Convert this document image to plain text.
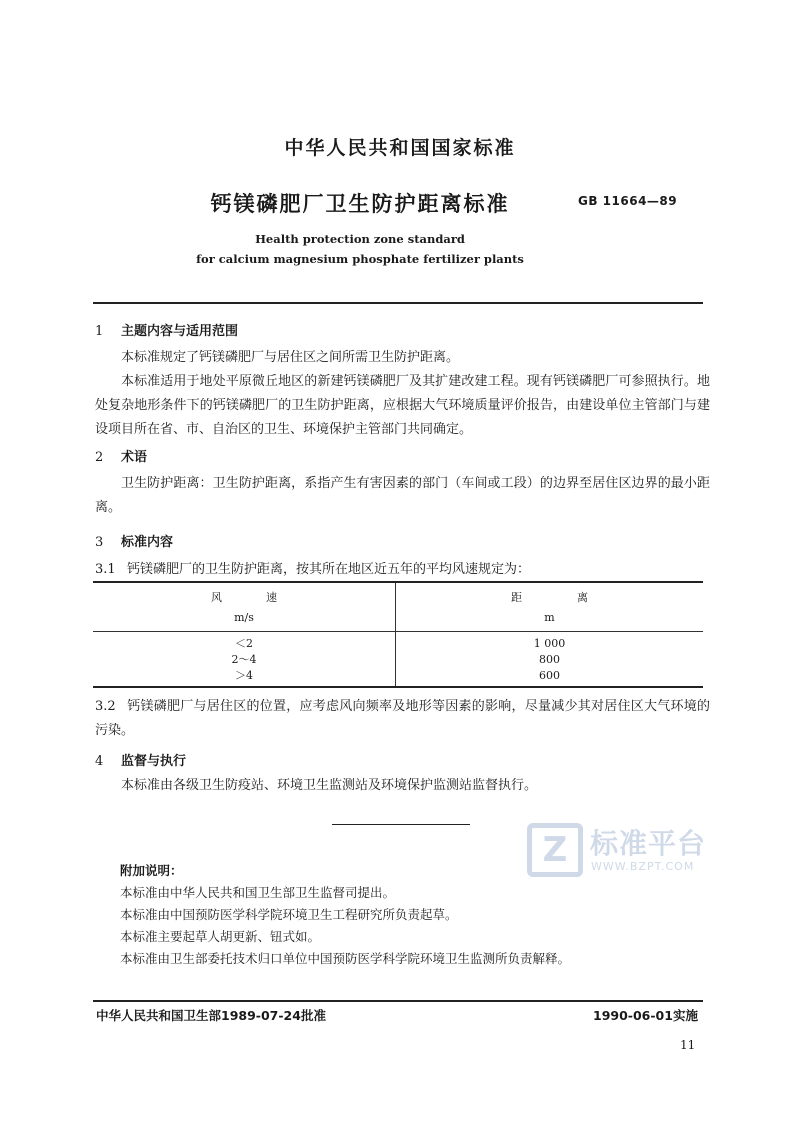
中华人民共和国国家标准
钙镁磷肥厂卫生防护距离标准	GB 11664—89
Health protection zone standard
for calcium magnesium phosphate fertilizer plants
1 主题内容与适用范围
本标准规定了钙镁磷肥厂与居住区之间所需卫生防护距离。
本标准适用于地处平原微丘地区的新建钙镁磷肥厂及其扩建改建工程。现有钙镁磷肥厂可参照执行。地处复杂地形条件下的钙镁磷肥厂的卫生防护距离，应根据大气环境质量评价报告，由建设单位主管部门与建设项目所在省、市、自治区的卫生、环境保护主管部门共同确定。
2 术语
卫生防护距离：卫生防护距离，系指产生有害因素的部门（车间或工段）的边界至居住区边界的最小距离。
3 标准内容
3.1 钙镁磷肥厂的卫生防护距离，按其所在地区近五年的平均风速规定为：
风　　　　速	距　　　　　离
m/s	m
＜2	1 000
2～4	800
＞4	600
3.2 钙镁磷肥厂与居住区的位置，应考虑风向频率及地形等因素的影响，尽量减少其对居住区大气环境的污染。
4 监督与执行
本标准由各级卫生防疫站、环境卫生监测站及环境保护监测站监督执行。
Z 标准平台
WWW.BZPT.COM
附加说明：
本标准由中华人民共和国卫生部卫生监督司提出。
本标准由中国预防医学科学院环境卫生工程研究所负责起草。
本标准主要起草人胡更新、钮式如。
本标准由卫生部委托技术归口单位中国预防医学科学院环境卫生监测所负责解释。
中华人民共和国卫生部1989-07-24批准	1990-06-01实施
11
